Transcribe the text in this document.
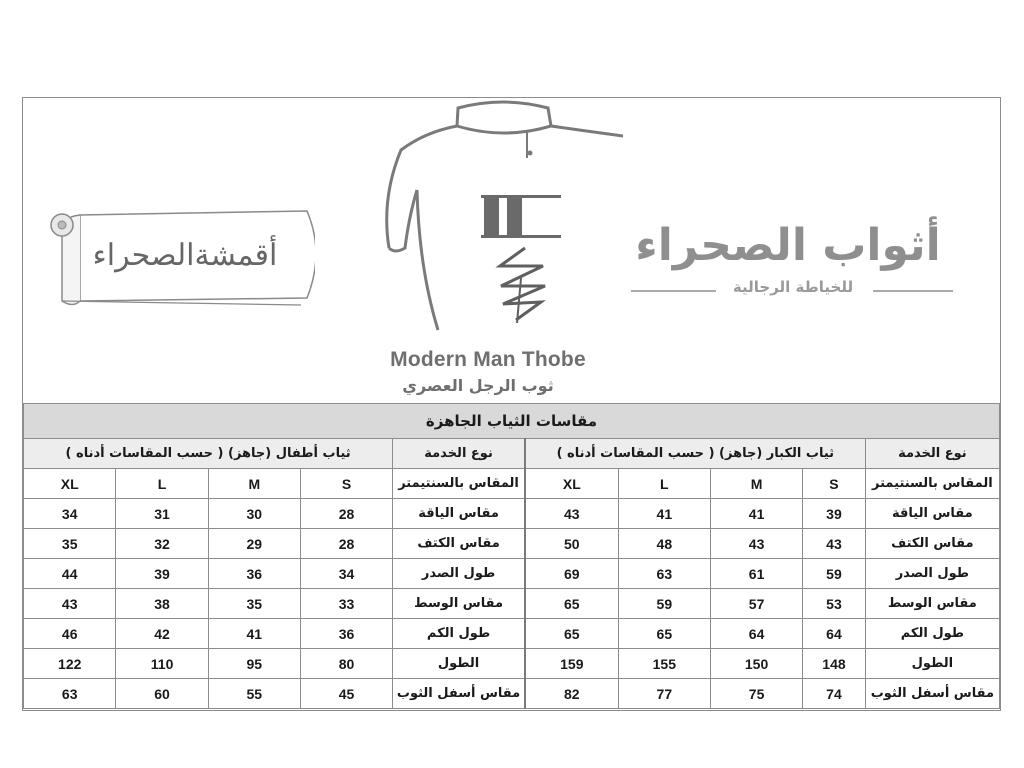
أقمشةالصحراء
Modern Man Thobe
ثوب الرجل العصري
أثواب الصحراء
للخياطة الرجالية
مقاسات الثياب الجاهزة									
نوع الخدمة	ثياب الكبار (جاهز) ( حسب المقاسات أدناه )				نوع الخدمة	ثياب أطفال (جاهز) ( حسب المقاسات أدناه )			
المقاس بالسنتيمتر	S	M	L	XL	المقاس بالسنتيمتر	S	M	L	XL
مقاس الياقة	39	41	41	43	مقاس الياقة	28	30	31	34
مقاس الكتف	43	43	48	50	مقاس الكتف	28	29	32	35
طول الصدر	59	61	63	69	طول الصدر	34	36	39	44
مقاس الوسط	53	57	59	65	مقاس الوسط	33	35	38	43
طول الكم	64	64	65	65	طول الكم	36	41	42	46
الطول	148	150	155	159	الطول	80	95	110	122
مقاس أسفل الثوب	74	75	77	82	مقاس أسفل الثوب	45	55	60	63
